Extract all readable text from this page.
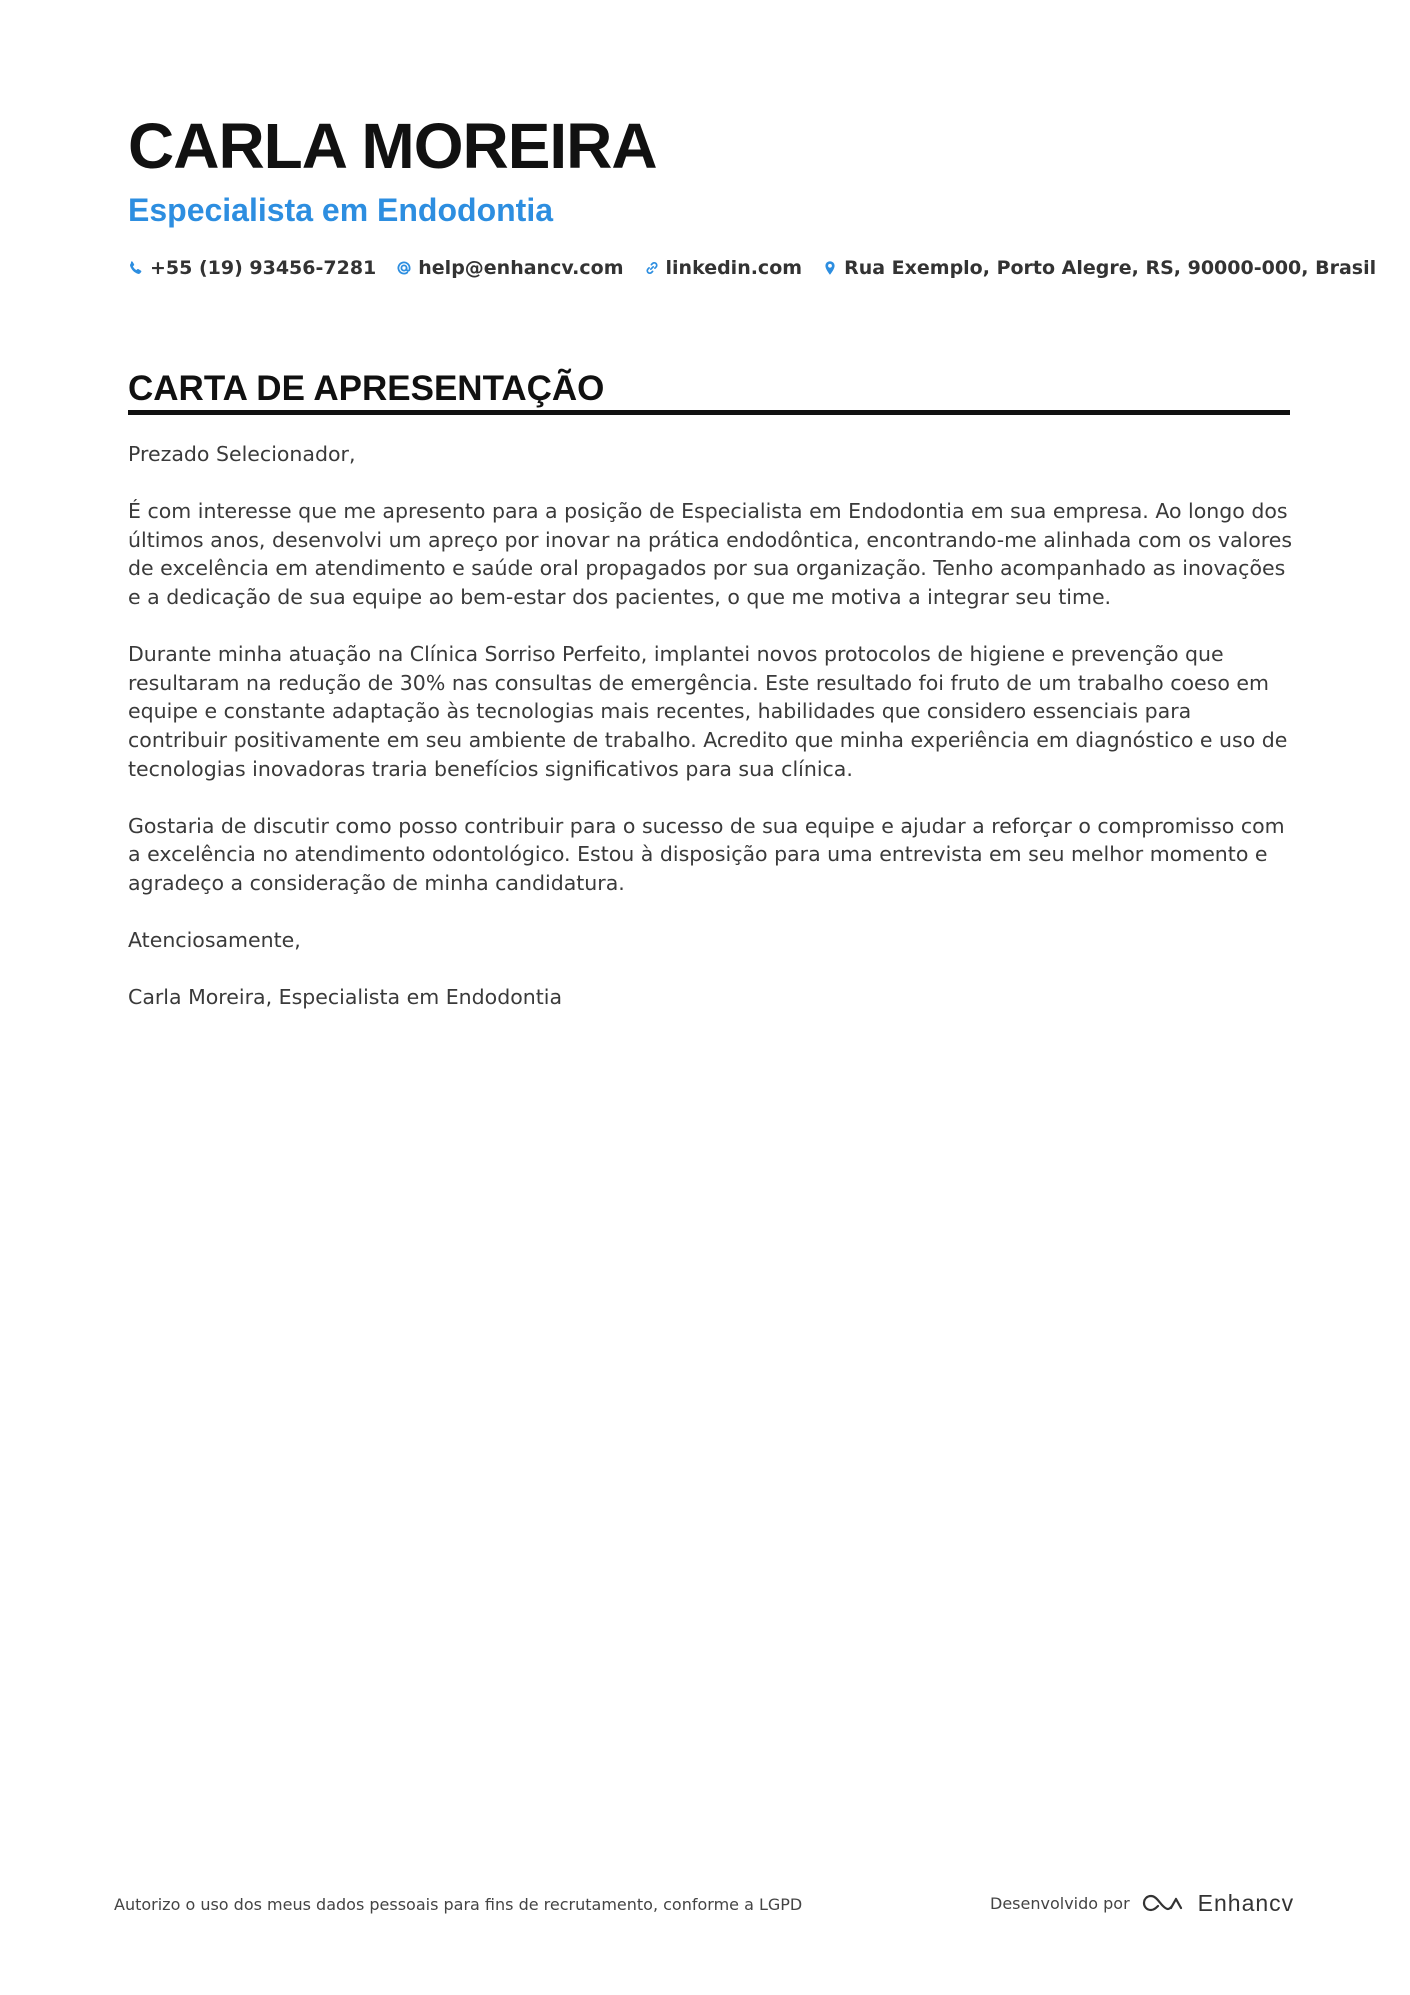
CARLA MOREIRA
Especialista em Endodontia
+55 (19) 93456-7281 help@enhancv.com linkedin.com Rua Exemplo, Porto Alegre, RS, 90000-000, Brasil
CARTA DE APRESENTAÇÃO

Prezado Selecionador,

É com interesse que me apresento para a posição de Especialista em Endodontia em sua empresa. Ao longo dos últimos anos, desenvolvi um apreço por inovar na prática endodôntica, encontrando-me alinhada com os valores de excelência em atendimento e saúde oral propagados por sua organização. Tenho acompanhado as inovações e a dedicação de sua equipe ao bem-estar dos pacientes, o que me motiva a integrar seu time.

Durante minha atuação na Clínica Sorriso Perfeito, implantei novos protocolos de higiene e prevenção que resultaram na redução de 30% nas consultas de emergência. Este resultado foi fruto de um trabalho coeso em equipe e constante adaptação às tecnologias mais recentes, habilidades que considero essenciais para contribuir positivamente em seu ambiente de trabalho. Acredito que minha experiência em diagnóstico e uso de tecnologias inovadoras traria benefícios significativos para sua clínica.

Gostaria de discutir como posso contribuir para o sucesso de sua equipe e ajudar a reforçar o compromisso com a excelência no atendimento odontológico. Estou à disposição para uma entrevista em seu melhor momento e agradeço a consideração de minha candidatura.

Atenciosamente,

Carla Moreira, Especialista em Endodontia

Autorizo o uso dos meus dados pessoais para fins de recrutamento, conforme a LGPD	Desenvolvido por	Enhancv
